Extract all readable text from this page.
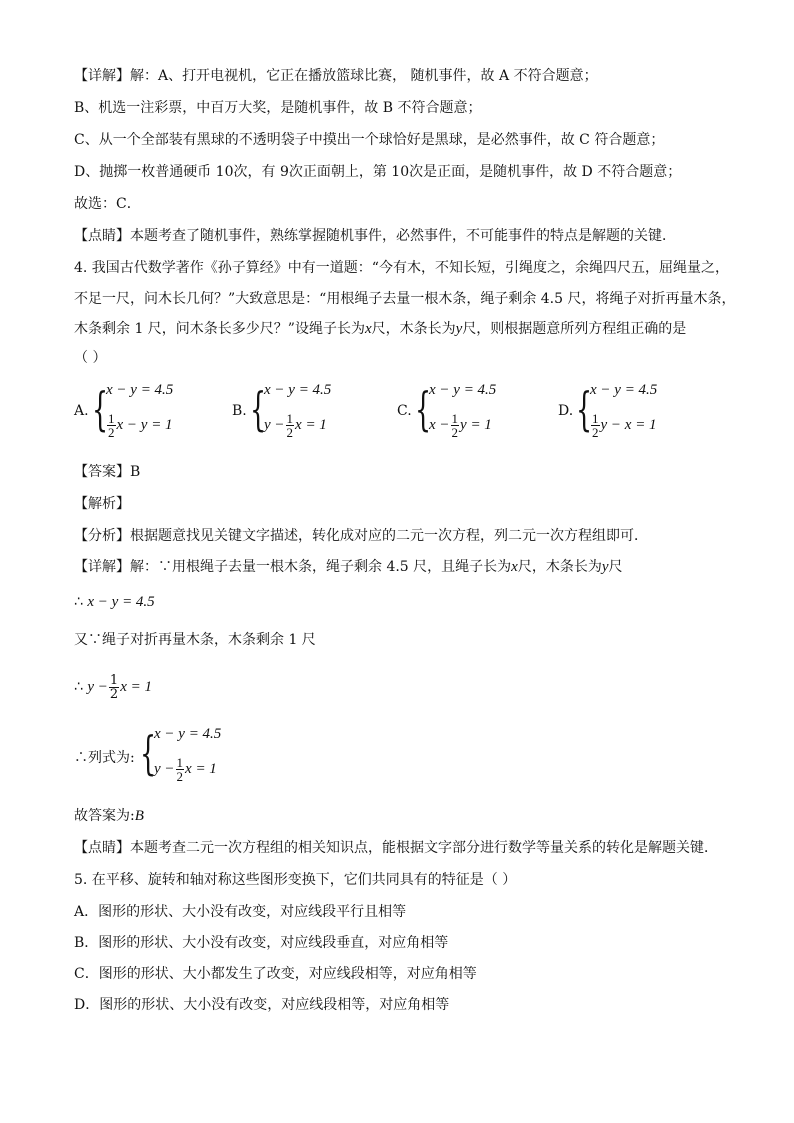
【详解】解：A、打开电视机，它正在播放篮球比赛， 随机事件，故 A 不符合题意；
B、机选一注彩票，中百万大奖，是随机事件，故 B 不符合题意；
C、从一个全部装有黑球的不透明袋子中摸出一个球恰好是黑球，是必然事件，故 C 符合题意；
D、抛掷一枚普通硬币 10次，有 9次正面朝上，第 10次是正面，是随机事件，故 D 不符合题意；
故选：C．
【点睛】本题考查了随机事件，熟练掌握随机事件，必然事件，不可能事件的特点是解题的关键．
4. 我国古代数学著作《孙子算经》中有一道题：“今有木，不知长短，引绳度之，余绳四尺五，屈绳量之，
不足一尺，问木长几何？”大致意思是：“用根绳子去量一根木条，绳子剩余 4.5 尺，将绳子对折再量木条，
木条剩余 1 尺，问木条长多少尺？”设绳子长为x尺，木条长为y尺，则根据题意所列方程组正确的是
（ ）
A. {
x − y = 4.5
$\frac{1}{2}$ x − y = 1
B. {
x − y = 4.5
$y - \frac{1}{2}$ x = 1
C. {
x − y = 4.5
$x - \frac{1}{2}$ y = 1
D. {
x − y = 4.5
$\frac{1}{2}$ y − x = 1
【答案】B
【解析】
【分析】根据题意找见关键文字描述，转化成对应的二元一次方程，列二元一次方程组即可．
【详解】解：∵用根绳子去量一根木条，绳子剩余 4.5 尺，且绳子长为x尺，木条长为y尺
∴ x − y = 4.5
又∵绳子对折再量木条，木条剩余 1 尺
∴ $y - \frac{1}{2}$ x = 1
∴列式为: {
x − y = 4.5
$y - \frac{1}{2}$ x = 1
故答案为:B
【点睛】本题考查二元一次方程组的相关知识点，能根据文字部分进行数学等量关系的转化是解题关键．
5. 在平移、旋转和轴对称这些图形变换下，它们共同具有的特征是（ ）
A．图形的形状、大小没有改变，对应线段平行且相等
B．图形的形状、大小没有改变，对应线段垂直，对应角相等
C．图形的形状、大小都发生了改变，对应线段相等，对应角相等
D．图形的形状、大小没有改变，对应线段相等，对应角相等
